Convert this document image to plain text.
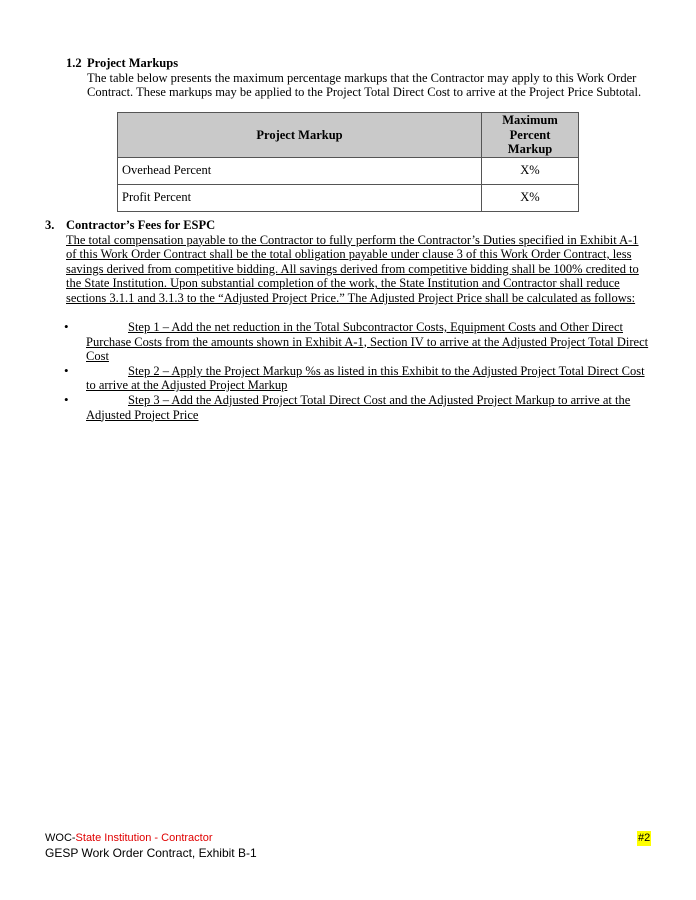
1.2 Project Markups
The table below presents the maximum percentage markups that the Contractor may apply to this Work Order Contract. These markups may be applied to the Project Total Direct Cost to arrive at the Project Price Subtotal.
Project Markup	Maximum Percent Markup
Overhead Percent	X%
Profit Percent	X%
3. Contractor’s Fees for ESPC
The total compensation payable to the Contractor to fully perform the Contractor’s Duties specified in Exhibit A-1 of this Work Order Contract shall be the total obligation payable under clause 3 of this Work Order Contract, less savings derived from competitive bidding. All savings derived from competitive bidding shall be 100% credited to the State Institution. Upon substantial completion of the work, the State Institution and Contractor shall reduce sections 3.1.1 and 3.1.3 to the “Adjusted Project Price.” The Adjusted Project Price shall be calculated as follows:
•	Step 1 – Add the net reduction in the Total Subcontractor Costs, Equipment Costs and Other Direct Purchase Costs from the amounts shown in Exhibit A-1, Section IV to arrive at the Adjusted Project Total Direct Cost
•	Step 2 – Apply the Project Markup %s as listed in this Exhibit to the Adjusted Project Total Direct Cost to arrive at the Adjusted Project Markup
•	Step 3 – Add the Adjusted Project Total Direct Cost and the Adjusted Project Markup to arrive at the Adjusted Project Price
WOC-State Institution - Contractor
GESP Work Order Contract, Exhibit B-1
#2
